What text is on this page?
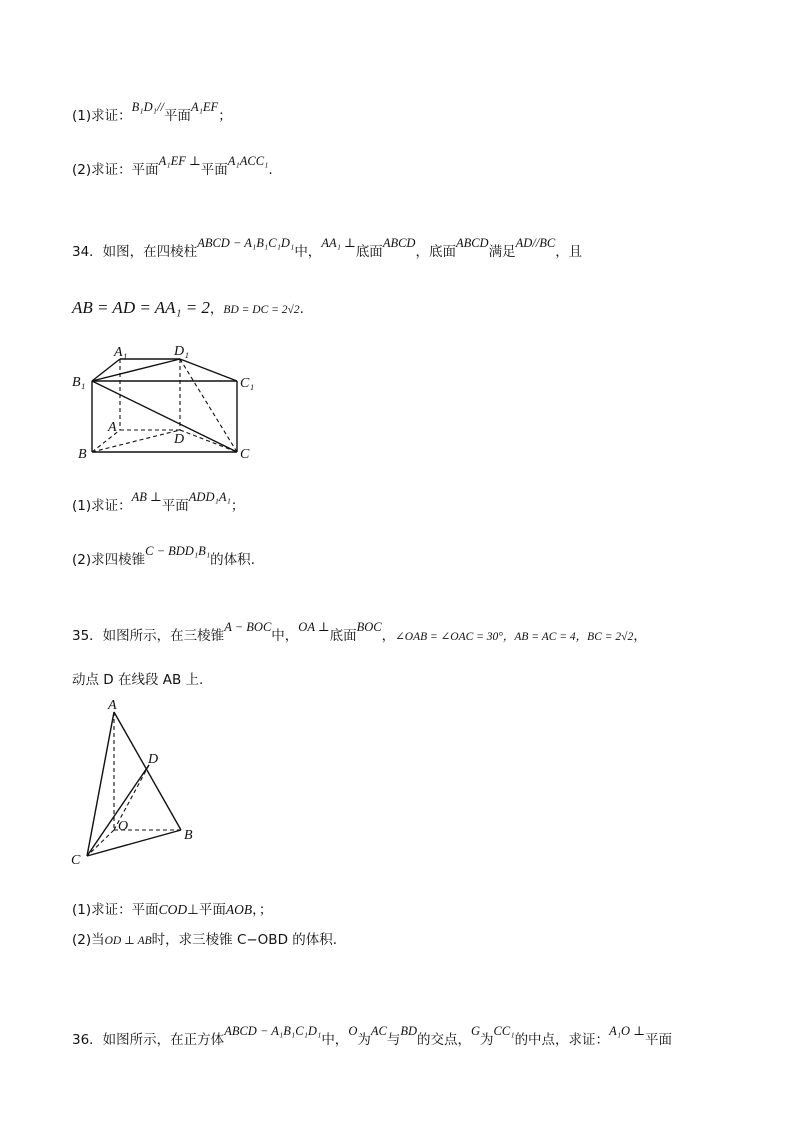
(1)求证：B₁D₁//平面A₁EF；
(2)求证：平面A₁EF ⊥平面A₁ACC₁.
34．如图，在四棱柱ABCD − A₁B₁C₁D₁中，AA₁ ⊥底面ABCD，底面ABCD满足AD//BC，且
AB = AD = AA₁ = 2，BD = DC = 2√2.
A₁	D₁
B₁	C₁
A
D
B	C
(1)求证：AB ⊥平面ADD₁A₁；
(2)求四棱锥C − BDD₁B₁的体积.
35．如图所示，在三棱锥A − BOC中，OA ⊥底面BOC，∠OAB = ∠OAC = 30°，AB = AC = 4，BC = 2√2，
动点 D 在线段 AB 上.
A
D
O
B
C
(1)求证：平面COD⊥平面AOB，；
(2)当OD ⊥ AB时，求三棱锥 C−OBD 的体积.
36．如图所示，在正方体ABCD − A₁B₁C₁D₁中，O为AC与BD的交点，G为CC₁的中点，求证：A₁O ⊥平面
